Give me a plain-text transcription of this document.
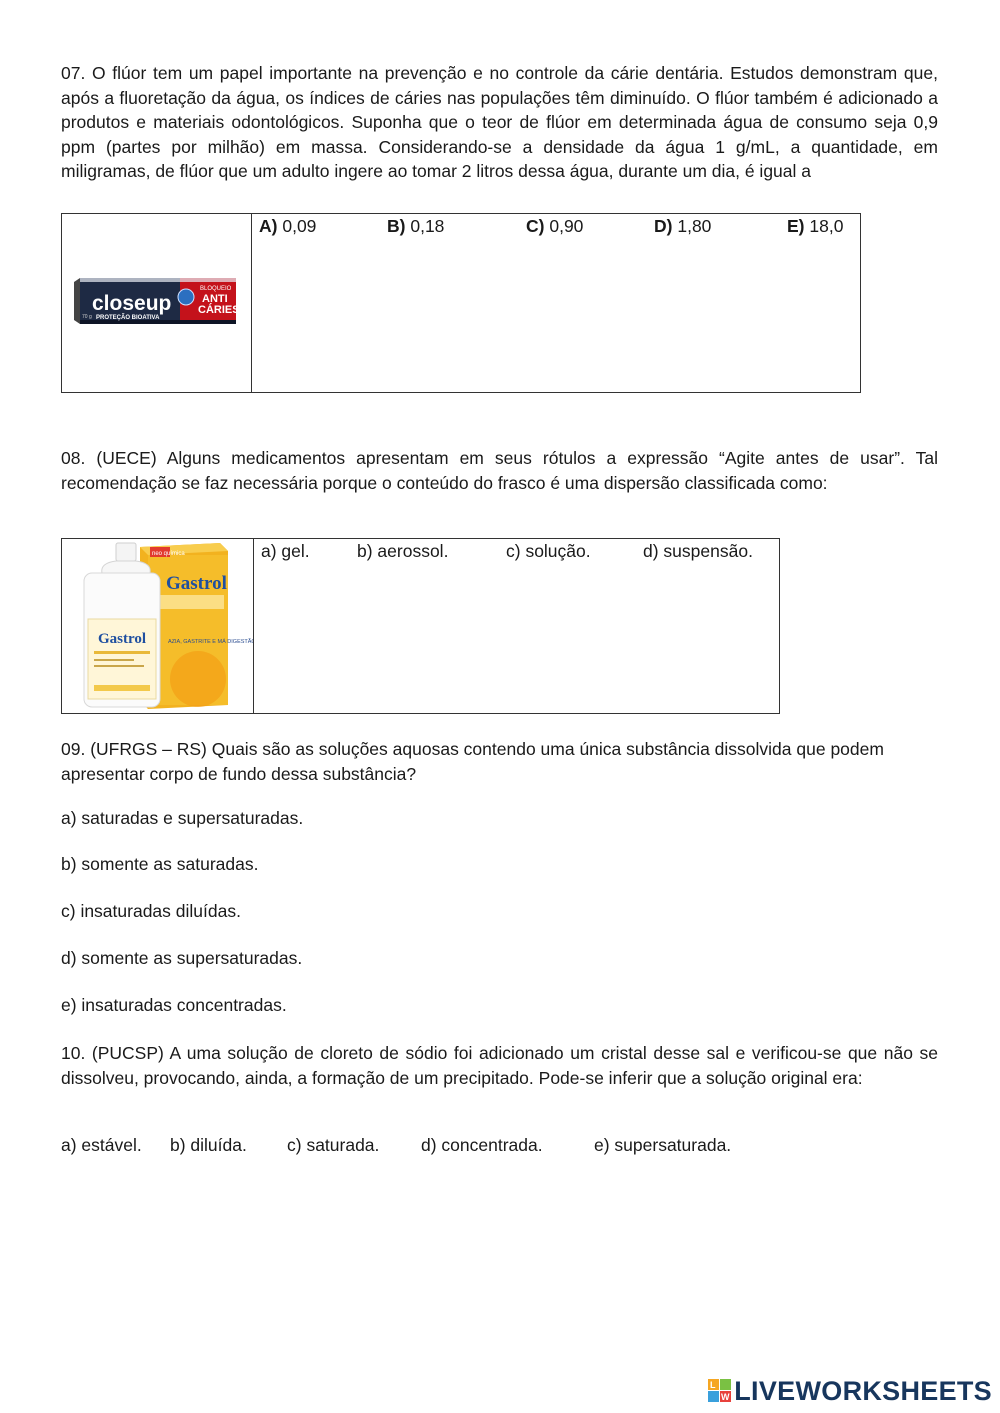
07. O flúor tem um papel importante na prevenção e no controle da cárie dentária. Estudos demonstram que, após a fluoretação da água, os índices de cáries nas populações têm diminuído. O flúor também é adicionado a produtos e materiais odontológicos. Suponha que o teor de flúor em determinada água de consumo seja 0,9 ppm (partes por milhão) em massa. Considerando-se a densidade da água 1 g/mL, a quantidade, em miligramas, de flúor que um adulto ingere ao tomar 2 litros dessa água, durante um dia, é igual a

closeup
BLOQUEIO
ANTI
CÁRIES
PROTEÇÃO BIOATIVA
70 g
A) 0,09	B) 0,18	C) 0,90	D) 1,80	E) 18,0

08. (UECE) Alguns medicamentos apresentam em seus rótulos a expressão “Agite antes de usar”. Tal recomendação se faz necessária porque o conteúdo do frasco é uma dispersão classificada como:

neo química
Gastrol
AZIA, GASTRITE E MÁ DIGESTÃO
Gastrol
a) gel.	b) aerossol.	c) solução.	d) suspensão.

09. (UFRGS – RS) Quais são as soluções aquosas contendo uma única substância dissolvida que podem apresentar corpo de fundo dessa substância?

a) saturadas e supersaturadas.

b) somente as saturadas.

c) insaturadas diluídas.

d) somente as supersaturadas.

e) insaturadas concentradas.

10. (PUCSP) A uma solução de cloreto de sódio foi adicionado um cristal desse sal e verificou-se que não se dissolveu, provocando, ainda, a formação de um precipitado. Pode-se inferir que a solução original era:

a) estável. b) diluída. c) saturada. d) concentrada.	e) supersaturada.
L
W LIVEWORKSHEETS
